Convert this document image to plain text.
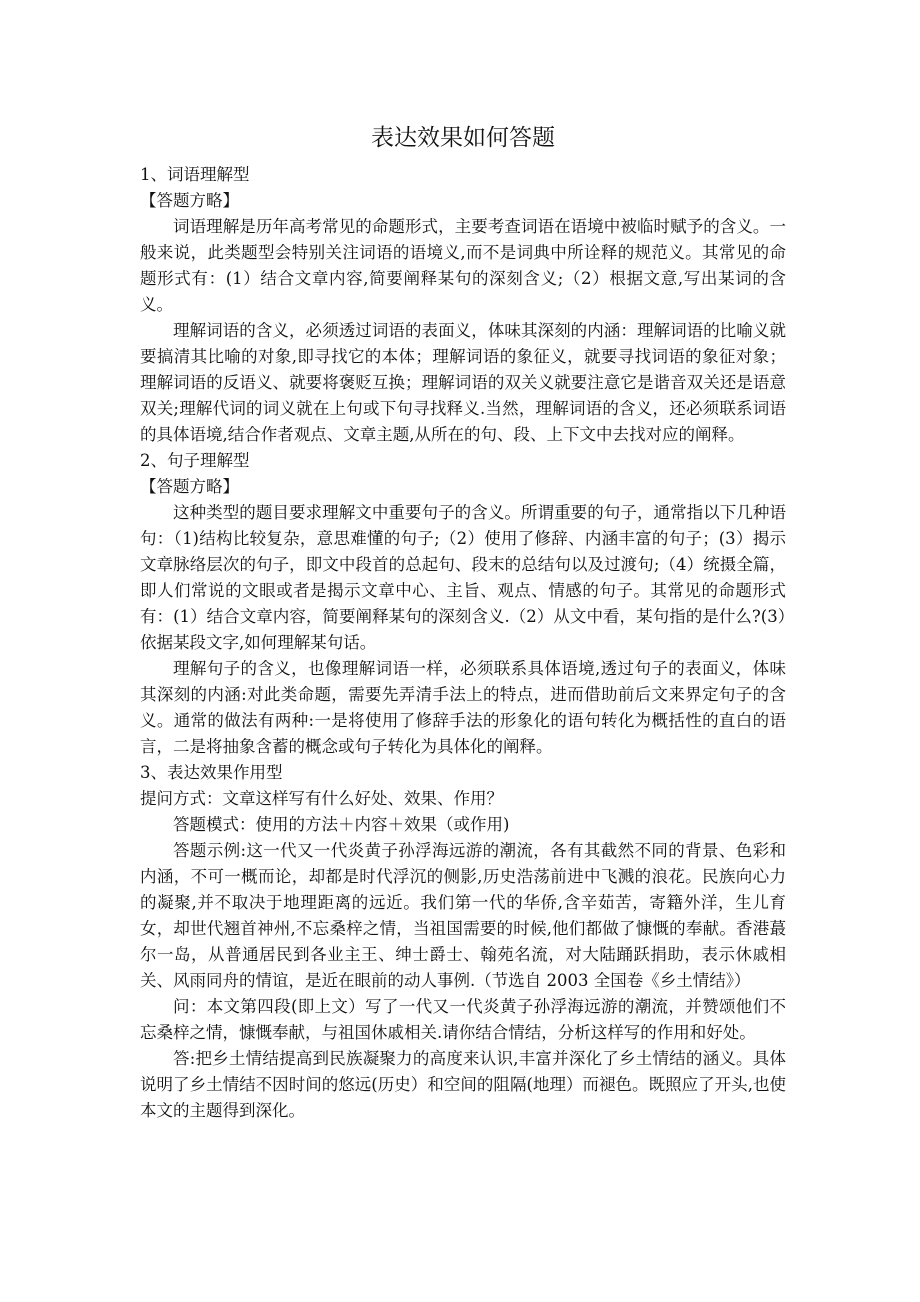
表达效果如何答题

1、词语理解型

【答题方略】

词语理解是历年高考常见的命题形式，主要考查词语在语境中被临时赋予的含义。一般来说，此类题型会特别关注词语的语境义,而不是词典中所诠释的规范义。其常见的命题形式有：(1）结合文章内容,简要阐释某句的深刻含义;（2）根据文意,写出某词的含义。

理解词语的含义，必须透过词语的表面义，体味其深刻的内涵：理解词语的比喻义就要搞清其比喻的对象,即寻找它的本体；理解词语的象征义，就要寻找词语的象征对象；理解词语的反语义、就要将褒贬互换；理解词语的双关义就要注意它是谐音双关还是语意双关;理解代词的词义就在上句或下句寻找释义.当然，理解词语的含义，还必须联系词语的具体语境,结合作者观点、文章主题,从所在的句、段、上下文中去找对应的阐释。

2、句子理解型

【答题方略】

这种类型的题目要求理解文中重要句子的含义。所谓重要的句子，通常指以下几种语句：（1)结构比较复杂，意思难懂的句子;（2）使用了修辞、内涵丰富的句子；(3）揭示文章脉络层次的句子，即文中段首的总起句、段末的总结句以及过渡句;（4）统摄全篇，即人们常说的文眼或者是揭示文章中心、主旨、观点、情感的句子。其常见的命题形式有：(1）结合文章内容，简要阐释某句的深刻含义.（2）从文中看，某句指的是什么?(3）依据某段文字,如何理解某句话。

理解句子的含义，也像理解词语一样，必须联系具体语境,透过句子的表面义，体味其深刻的内涵:对此类命题，需要先弄清手法上的特点，进而借助前后文来界定句子的含义。通常的做法有两种:一是将使用了修辞手法的形象化的语句转化为概括性的直白的语言，二是将抽象含蓄的概念或句子转化为具体化的阐释。

3、表达效果作用型

提问方式：文章这样写有什么好处、效果、作用？

答题模式：使用的方法＋内容＋效果（或作用)

答题示例:这一代又一代炎黄子孙浮海远游的潮流，各有其截然不同的背景、色彩和内涵，不可一概而论，却都是时代浮沉的侧影,历史浩荡前进中飞溅的浪花。民族向心力的凝聚,并不取决于地理距离的远近。我们第一代的华侨,含辛茹苦，寄籍外洋，生儿育女，却世代翘首神州,不忘桑梓之情，当祖国需要的时候,他们都做了慷慨的奉献。香港蕞尔一岛，从普通居民到各业主王、绅士爵士、翰苑名流，对大陆踊跃捐助，表示休戚相关、风雨同舟的情谊，是近在眼前的动人事例.（节选自 2003 全国卷《乡土情结》）

问：本文第四段(即上文）写了一代又一代炎黄子孙浮海远游的潮流，并赞颂他们不忘桑梓之情，慷慨奉献，与祖国休戚相关.请你结合情结，分析这样写的作用和好处。

答:把乡土情结提高到民族凝聚力的高度来认识,丰富并深化了乡土情结的涵义。具体说明了乡土情结不因时间的悠远(历史）和空间的阻隔(地理）而褪色。既照应了开头,也使本文的主题得到深化。
